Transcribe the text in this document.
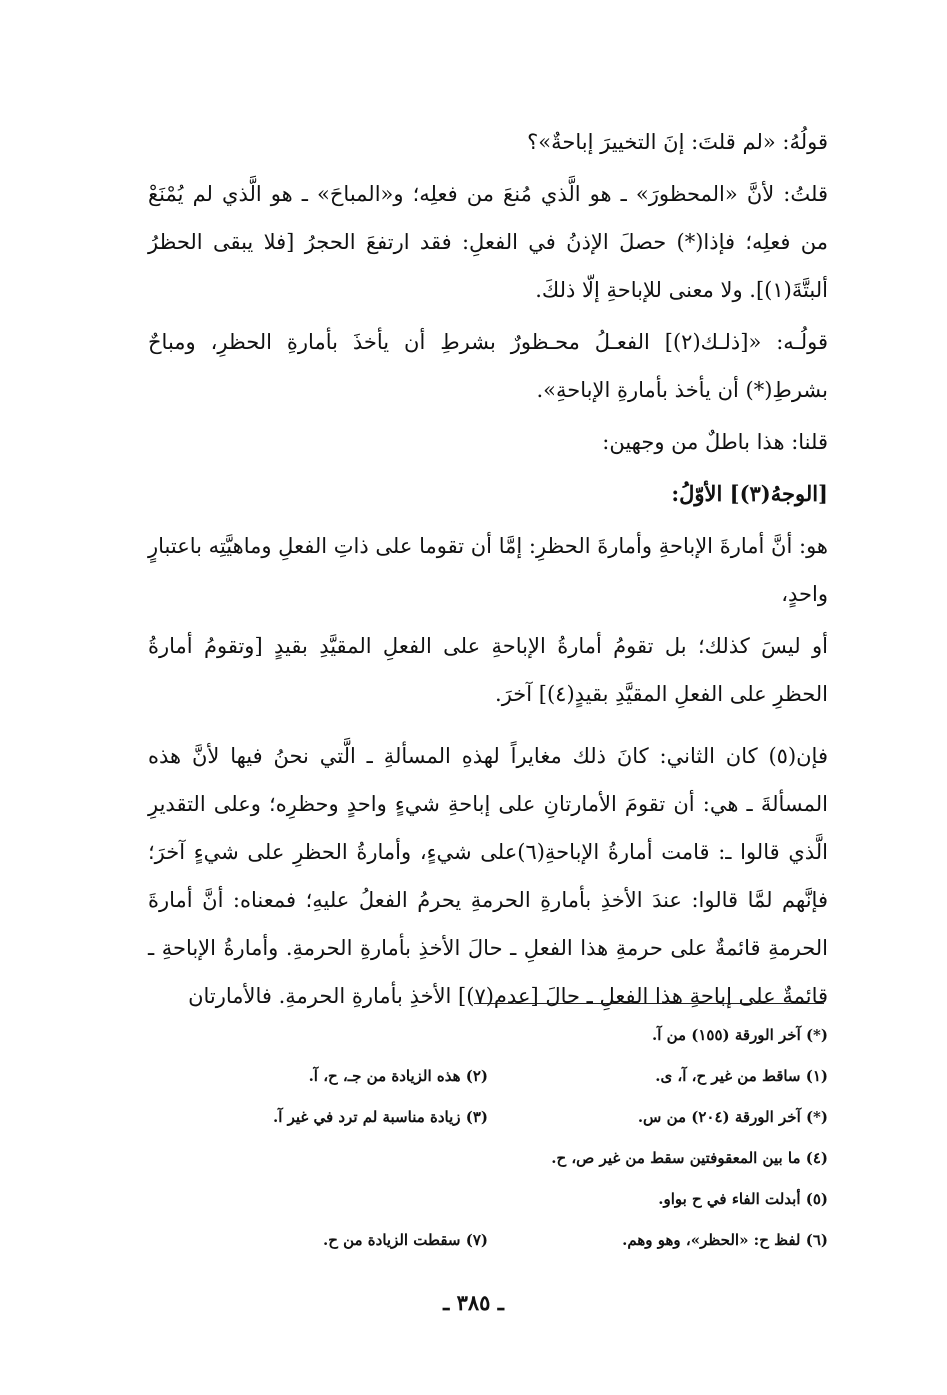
قولُهُ: «لم قلتَ: إنَ التخييرَ إباحةٌ»؟

قلتُ: لأنَّ «المحظورَ» ـ هو الَّذي مُنعَ من فعلِه؛ و«المباحَ» ـ هو الَّذي لم يُمْنَعْ من فعلِه؛ فإذا(*) حصلَ الإذنُ في الفعلِ: فقد ارتفعَ الحجرُ [فلا يبقى الحظرُ ألبتَّةَ(١)]. ولا معنى للإباحةِ إلّا ذلكَ.

قولُـه: «[ذلـك(٢)] الفعـلُ محـظورٌ بشرطِ أن يأخذَ بأمارةِ الحظرِ، ومباحٌ بشرطِ(*) أن يأخذ بأمارةِ الإباحةِ».

قلنا: هذا باطلٌ من وجهين:

[الوجهُ(٣)] الأوّلُ:

هو: أنَّ أمارةَ الإباحةِ وأمارةَ الحظرِ: إمَّا أن تقوما على ذاتِ الفعلِ وماهيَّتِه باعتبارٍ واحدٍ،

أو ليسَ كذلك؛ بل تقومُ أمارةُ الإباحةِ على الفعلِ المقيَّدِ بقيدٍ [وتقومُ أمارةُ الحظرِ على الفعلِ المقيَّدِ بقيدٍ(٤)] آخرَ.

فإن(٥) كان الثاني: كانَ ذلك مغايراً لهذهِ المسألةِ ـ الَّتي نحنُ فيها لأنَّ هذه المسألةَ ـ هي: أن تقومَ الأمارتانِ على إباحةِ شيءٍ واحدٍ وحظرِه؛ وعلى التقديرِ الَّذي قالوا ـ: قامت أمارةُ الإباحةِ(٦)على شيءٍ، وأمارةُ الحظرِ على شيءٍ آخرَ؛ فإنَّهم لمَّا قالوا: عندَ الأخذِ بأمارةِ الحرمةِ يحرمُ الفعلُ عليهِ؛ فمعناه: أنَّ أمارةَ الحرمةِ قائمةٌ على حرمةِ هذا الفعلِ ـ حالَ الأخذِ بأمارةِ الحرمةِ. وأمارةُ الإباحةِ ـ قائمةٌ على إباحةِ هذا الفعلِ ـ حالَ [عدم(٧)] الأخذِ بأمارةِ الحرمةِ. فالأمارتان

(*) آخر الورقة (١٥٥) من آ.
(١) ساقط من غير ح، آ، ى.
(٢) هذه الزيادة من جـ، ح، آ.
(*) آخر الورقة (٢٠٤) من س.
(٣) زيادة مناسبة لم ترد في غير آ.
(٤) ما بين المعقوفتين سقط من غير ص، ح.
(٥) أبدلت الفاء في ح بواو.
(٦) لفظ ح: «الحظر»، وهو وهم.
(٧) سقطت الزيادة من ح.
ـ ٣٨٥ ـ
